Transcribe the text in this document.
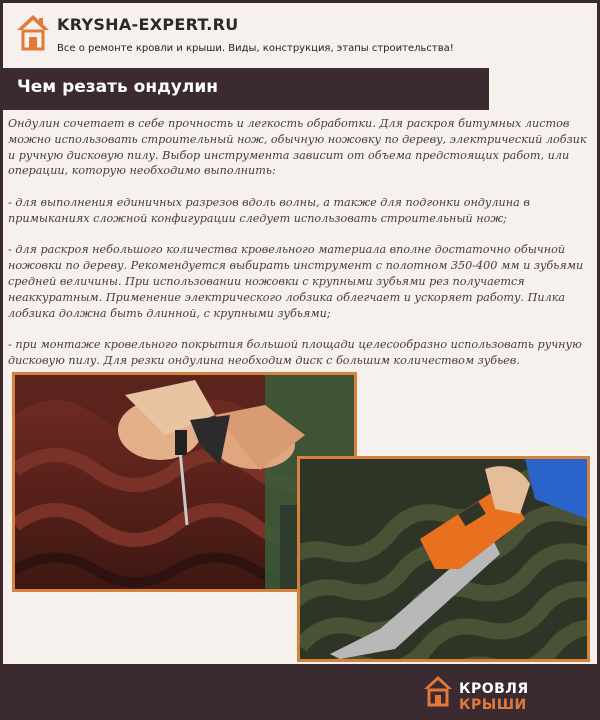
KRYSHA-EXPERT.RU
Все о ремонте кровли и крыши. Виды, конструкция, этапы строительства!
Чем резать ондулин

Ондулин сочетает в себе прочность и легкость обработки. Для раскроя битумных листов можно использовать строительный нож, обычную ножовку по дереву, электрический лобзик и ручную дисковую пилу. Выбор инструмента зависит от объема предстоящих работ, или операции, которую необходимо выполнить:

- для выполнения единичных разрезов вдоль волны, а также для подгонки ондулина в примыканиях сложной конфигурации следует использовать строительный нож;

- для раскроя небольшого количества кровельного материала вполне достаточно обычной ножовки по дереву. Рекомендуется выбирать инструмент с полотном 350-400 мм и зубьями средней величины. При использовании ножовки с крупными зубьями рез получается неаккуратным. Применение электрического лобзика облегчает и ускоряет работу. Пилка лобзика должна быть длинной, с крупными зубьями;

- при монтаже кровельного покрытия большой площади целесообразно использовать ручную дисковую пилу. Для резки ондулина необходим диск с большим количеством зубьев.

КРОВЛЯ КРЫШИ
